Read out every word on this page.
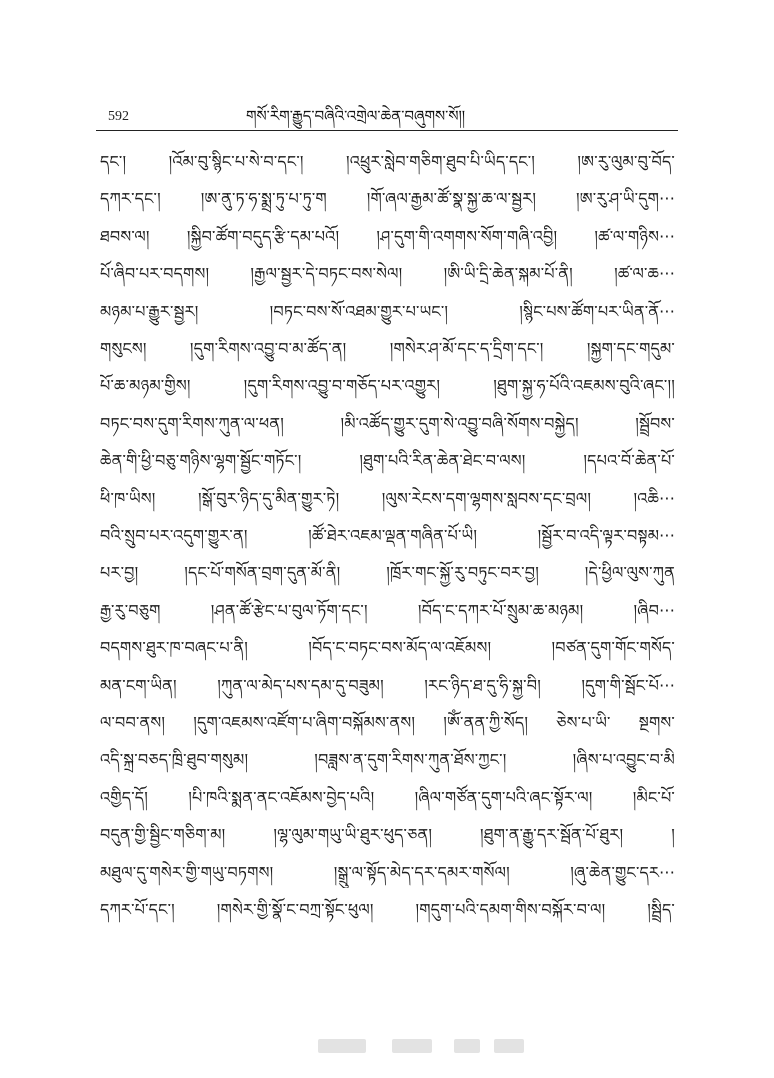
592	གསོ་རིག་རྒྱུད་བཞིའི་འགྲེལ་ཆེན་བཞུགས་སོ།།
དང་། །འོམ་བུ་སྙིང་པ་སེ་བ་དང་། །འཕྲུར་སླེབ་གཅིག་ཐུབ་པི་ཡིད་དང་། །ཨ་རུ་ལུམ་བུ་བོད་
དཀར་དང་། །ཨ་ནུ་ཏ་ཧ་སྨྲ་ཏུ་པ་ཏུ་ག །གོ་ཞལ་རྒྱམ་ཚོ་སྣ་སྐྱ་ཆ་ལ་སྦྱར། །ཨ་རུ་ཤ་ཡི་དུག···
ཐབས་ལ། །སྐྱིབ་ཚོག་བདུད་རྩི་དམ་པའོ། །ཤ་དུག་གི་འགགས་སོག་གཞི་འབྱི། །ཚ་ལ་གཉིས···
པོ་ཞིབ་པར་བདགས། །རྒྱལ་སྦྱར་དེ་བཏང་བས་སེལ། །ཨི་ཡི་དྲི་ཆེན་སྐམ་པོ་ནི། །ཚ་ལ་ཆ···
མཉམ་པ་རྒྱུར་སྦྱར། །བཏང་བས་སོ་འཐམ་གྱུར་པ་ཡང་། །སྙིང་པས་ཚོག་པར་ཡིན་ནོ···
གསུངས། །དུག་རིགས་འབྱུ་བ་མ་ཚོད་ན། །གསེར་ཤ་མོ་དང་ད་དྲིག་དང་། །སྐྱག་དང་གདུམ་
པོ་ཆ་མཉམ་གྱིས། །དུག་རིགས་འབྱུ་བ་གཅོད་པར་འགྱུར། །ཐུག་སྐྱ་ཧ་པོའི་འཇམས་བུའི་ཞང་།།
བཏང་བས་དུག་རིགས་ཀུན་ལ་ཕན། །མི་འཚོད་གྱུར་དུག་སེ་འབྱུ་བཞི་སོགས་བསྐྱེད། །སྦྲོབས་
ཆེན་གི་ཕྱི་བཅུ་གཉིས་ལྷག་སྦྱོང་གཏོང་། །ཐུག་པའི་རིན་ཆེན་ཐེང་བ་ལས། །དཔའ་བོ་ཆེན་པོ་
ཕི་ཁ་ཡིས། །སྒོ་བུར་ཉིད་དུ་མིན་གྱུར་ཏེ། །ལུས་རེངས་དག་ལྷགས་སླབས་དང་བྲལ། །འཆི···
བའི་སྲུབ་པར་འདུག་གྱུར་ན། །ཚོ་ཐེར་འཇམ་ལྡན་གཞིན་པོ་ཡི། །སྦྱོར་བ་འདི་ལྟར་བསྟམ···
པར་བྱ། །དང་པོ་གསོན་བྲག་དུན་མོ་ནི། །ཁྲོར་གང་སྐྱོ་རུ་བཏུང་བར་བྱ། །དེ་ཕྱིལ་ལུས་ཀུན
རྒྱ་རུ་བཅུག །ཤན་ཚོ་རྩེང་པ་བུལ་ཏོག་དང་། །བོད་ང་དཀར་པོ་སྲུམ་ཆ་མཉམ། །ཞིབ···
བདགས་ཐུར་ཁ་བཞང་པ་ནི། །བོད་ང་བཏང་བས་མོད་ལ་འཇོམས། །བཙན་དུག་གོང་གསོད་
མན་ངག་ཡིན། །ཀུན་ལ་མེད་པས་དམ་དུ་བཟུམ། །རང་ཉིད་ཐ་དུ་ཧི་སྐྱ་བི། །དུག་གི་སྦོང་པོ···
ལ་བབ་ནས། །དུག་འཇམས་འཛོག་པ་ཞིག་བསྐོམས་ནས། །ཨོཾ་ནན་ཀྱི་སོད། ཅེས་པ་ཡི་ སྔགས་
འདི་སྐྲ་བཅད་ཁྲི་ཐུབ་གསུམ། །བཟླས་ན་དུག་རིགས་ཀུན་ཐོས་ཀྱང་། །ཞིས་པ་འབྱུང་བ་མི
འགྱིད་དོ། །པི་ཁའི་སྨན་ནང་འཇོམས་བྱེད་པའི། །ཞིལ་གཙོན་དུག་པའི་ཞང་སྟོར་ལ། །མིང་པོ་
བདུན་གྱི་སྦྱིང་གཅིག་མ། །ལྷ་ལུམ་གཡུ་ཡི་ཐུར་ཕུད་ཅན། །ཐུག་ན་རྒྱུ་དར་སྦོན་པོ་ཐུར། །
མཐུལ་དུ་གསེར་གྱི་གཡུ་བཏགས། །སྒྲུ་ལ་སྟོད་མེད་དར་དམར་གསོལ། །ཞུ་ཆེན་གྱུང་དར···
དཀར་པོ་དང་། །གསེར་གྱི་སྣོ་ང་བཀྲ་སྟོང་ཕུལ། །གདུག་པའི་དམག་གིས་བསྐོར་བ་ལ། །སྦྲིད་
